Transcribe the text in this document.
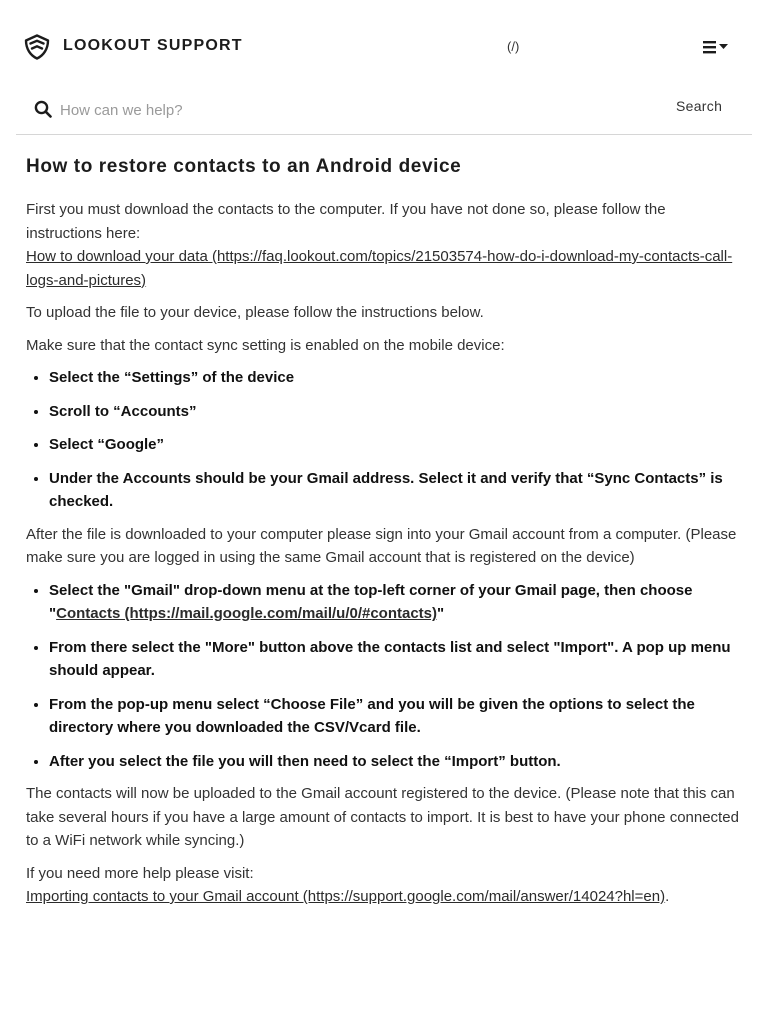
LOOKOUT SUPPORT	(/)
How can we help?
Search
How to restore contacts to an Android device

First you must download the contacts to the computer. If you have not done so, please follow the instructions here:
How to download your data (https://faq.lookout.com/topics/21503574-how-do-i-download-my-contacts-call-logs-and-pictures)

To upload the file to your device, please follow the instructions below.

Make sure that the contact sync setting is enabled on the mobile device:

• Select the “Settings” of the device
• Scroll to “Accounts”
• Select “Google”
• Under the Accounts should be your Gmail address. Select it and verify that “Sync Contacts” is checked.

After the file is downloaded to your computer please sign into your Gmail account from a computer. (Please make sure you are logged in using the same Gmail account that is registered on the device)

• Select the "Gmail" drop-down menu at the top-left corner of your Gmail page, then choose "Contacts (https://mail.google.com/mail/u/0/#contacts)"
• From there select the "More" button above the contacts list and select "Import". A pop up menu should appear.
• From the pop-up menu select “Choose File” and you will be given the options to select the directory where you downloaded the CSV/Vcard file.
• After you select the file you will then need to select the “Import” button.

The contacts will now be uploaded to the Gmail account registered to the device. (Please note that this can take several hours if you have a large amount of contacts to import. It is best to have your phone connected to a WiFi network while syncing.)

If you need more help please visit:
Importing contacts to your Gmail account (https://support.google.com/mail/answer/14024?hl=en).
